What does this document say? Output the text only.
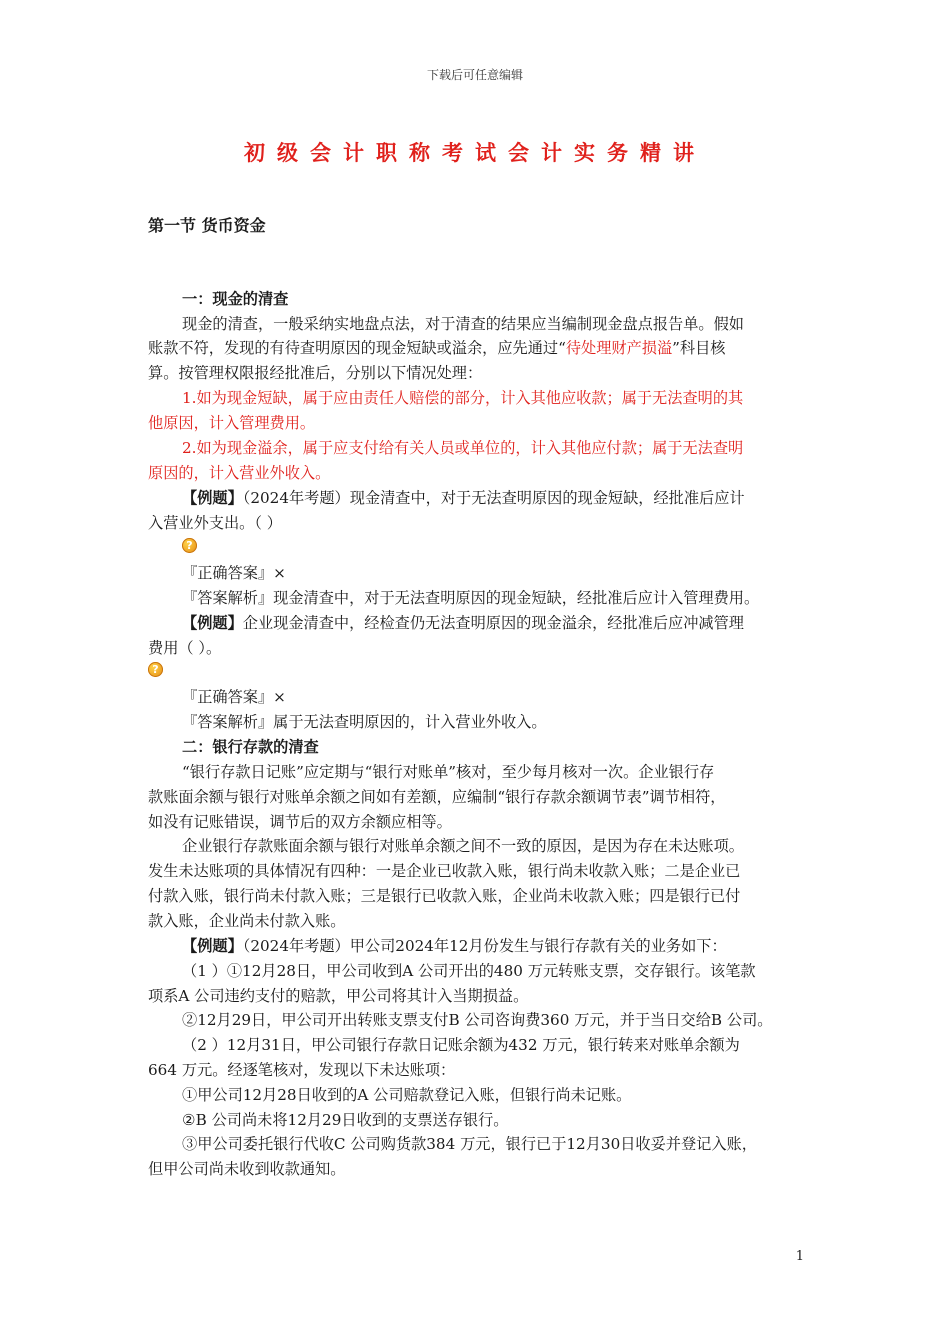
下载后可任意编辑
初级会计职称考试会计实务精讲
第一节 货币资金
一：现金的清查
现金的清查，一般采纳实地盘点法，对于清查的结果应当编制现金盘点报告单。假如
账款不符，发现的有待查明原因的现金短缺或溢余，应先通过“待处理财产损溢”科目核
算。按管理权限报经批准后，分别以下情况处理：
1.如为现金短缺，属于应由责任人赔偿的部分，计入其他应收款；属于无法查明的其
他原因，计入管理费用。
2.如为现金溢余，属于应支付给有关人员或单位的，计入其他应付款；属于无法查明
原因的，计入营业外收入。
【例题】（2024年考题）现金清查中，对于无法查明原因的现金短缺，经批准后应计
入营业外支出。（ ）
?
『正确答案』×
『答案解析』现金清查中，对于无法查明原因的现金短缺，经批准后应计入管理费用。
【例题】企业现金清查中，经检查仍无法查明原因的现金溢余，经批准后应冲减管理
费用（ ）。
?
『正确答案』×
『答案解析』属于无法查明原因的，计入营业外收入。
二：银行存款的清查
“银行存款日记账”应定期与“银行对账单”核对，至少每月核对一次。企业银行存
款账面余额与银行对账单余额之间如有差额，应编制“银行存款余额调节表”调节相符，
如没有记账错误，调节后的双方余额应相等。
企业银行存款账面余额与银行对账单余额之间不一致的原因，是因为存在未达账项。
发生未达账项的具体情况有四种：一是企业已收款入账，银行尚未收款入账；二是企业已
付款入账，银行尚未付款入账；三是银行已收款入账，企业尚未收款入账；四是银行已付
款入账，企业尚未付款入账。
【例题】（2024年考题）甲公司2024年12月份发生与银行存款有关的业务如下：
（1 ）①12月28日，甲公司收到A 公司开出的480 万元转账支票，交存银行。该笔款
项系A 公司违约支付的赔款，甲公司将其计入当期损益。
②12月29日，甲公司开出转账支票支付B 公司咨询费360 万元，并于当日交给B 公司。
（2 ）12月31日，甲公司银行存款日记账余额为432 万元，银行转来对账单余额为
664 万元。经逐笔核对，发现以下未达账项：
①甲公司12月28日收到的A 公司赔款登记入账，但银行尚未记账。
②B 公司尚未将12月29日收到的支票送存银行。
③甲公司委托银行代收C 公司购货款384 万元，银行已于12月30日收妥并登记入账，
但甲公司尚未收到收款通知。
1
